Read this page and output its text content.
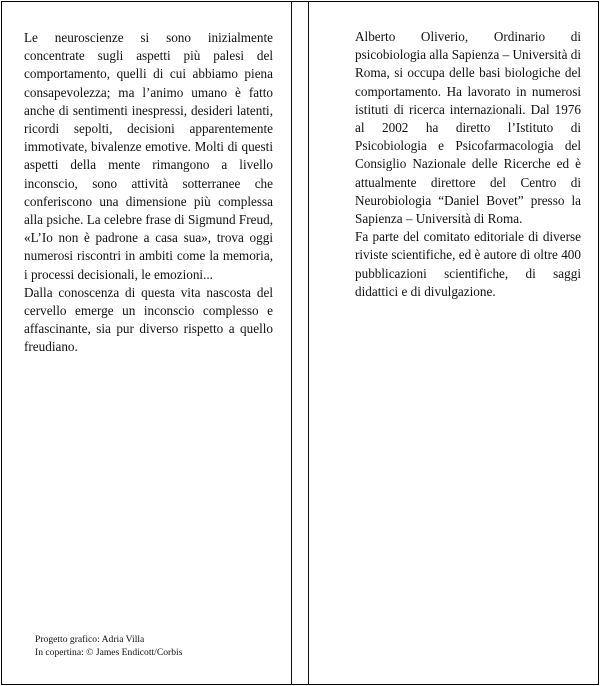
Le neuroscienze si sono inizialmente concentrate sugli aspetti più palesi del comportamento, quelli di cui abbiamo piena consapevolezza; ma l’animo umano è fatto anche di sentimenti inespressi, desideri latenti, ricordi sepolti, decisioni apparentemente immotivate, bivalenze emotive. Molti di questi aspetti della mente rimangono a livello inconscio, sono attività sotterranee che conferiscono una dimensione più complessa alla psiche. La celebre frase di Sigmund Freud, «L’Io non è padrone a casa sua», trova oggi numerosi riscontri in ambiti come la memoria, i processi decisionali, le emozioni...

Dalla conoscenza di questa vita nascosta del cervello emerge un inconscio complesso e affascinante, sia pur diverso rispetto a quello freudiano.

Alberto Oliverio, Ordinario di psicobiologia alla Sapienza – Università di Roma, si occupa delle basi biologiche del comportamento. Ha lavorato in numerosi istituti di ricerca internazionali. Dal 1976 al 2002 ha diretto l’Istituto di Psicobiologia e Psicofarmacologia del Consiglio Nazionale delle Ricerche ed è attualmente direttore del Centro di Neurobiologia “Daniel Bovet” presso la Sapienza – Università di Roma.

Fa parte del comitato editoriale di diverse riviste scientifiche, ed è autore di oltre 400 pubblicazioni scientifiche, di saggi didattici e di divulgazione.

Progetto grafico: Adria Villa
In copertina: © James Endicott/Corbis
